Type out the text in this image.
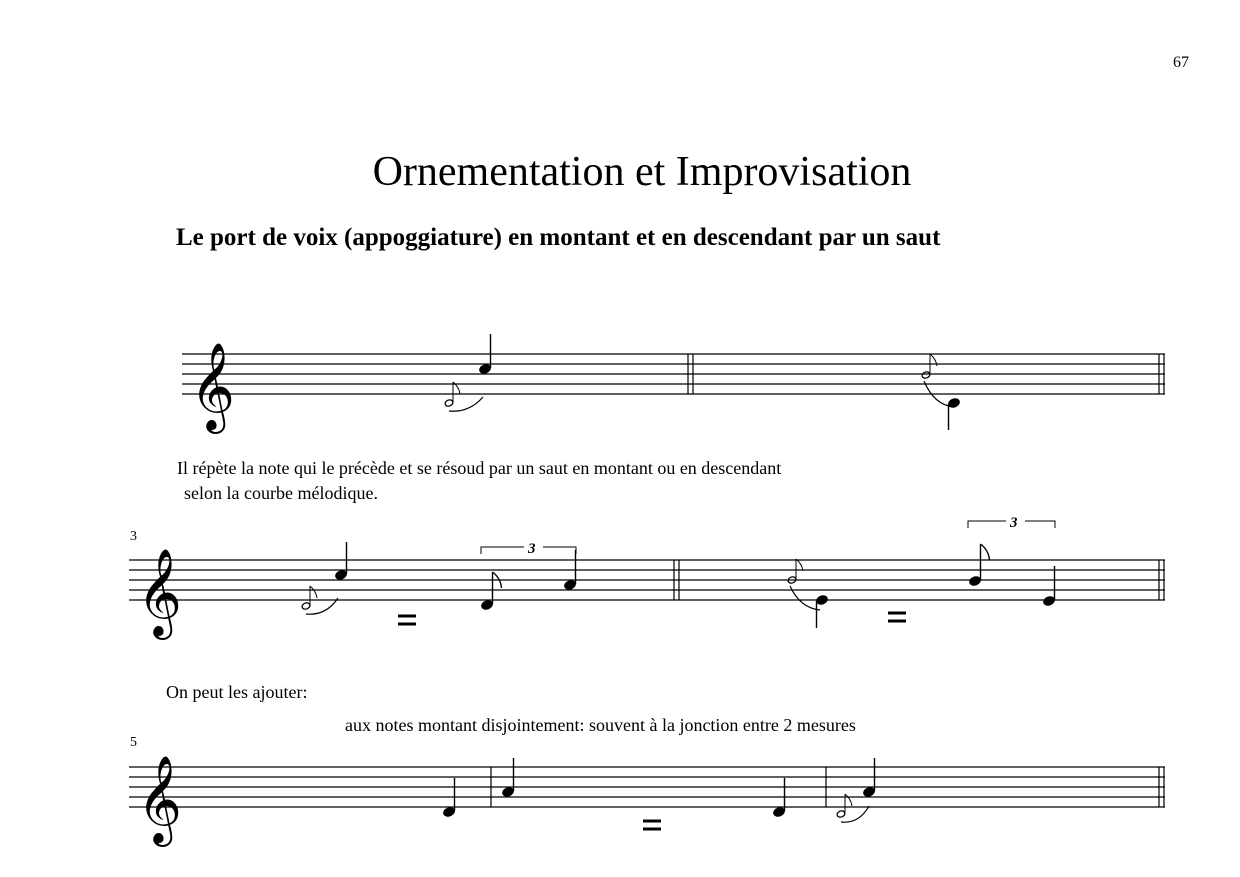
67
Ornementation et Improvisation
Le port de voix (appoggiature) en montant et en descendant par un saut
𝄞
Il répète la note qui le précède et se résoud par un saut en montant ou en descendant
selon la courbe mélodique.
3
𝄞	3
3
On peut les ajouter:
aux notes montant disjointement: souvent à la jonction entre 2 mesures
5
𝄞
